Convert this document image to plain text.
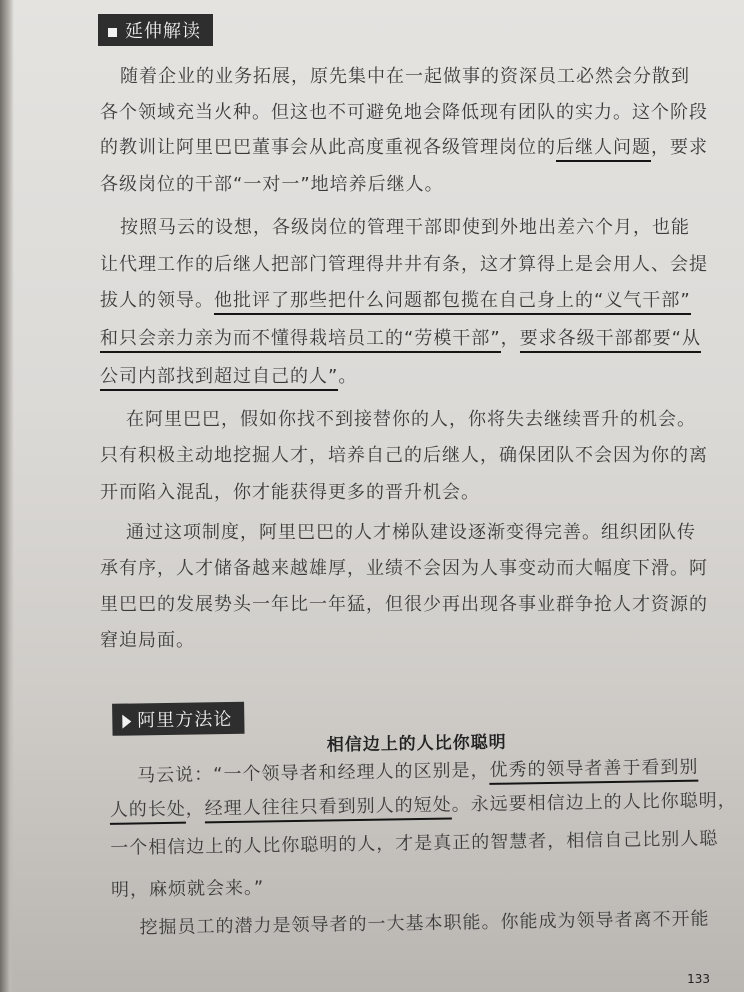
延伸解读
随着企业的业务拓展，原先集中在一起做事的资深员工必然会分散到
各个领域充当火种。但这也不可避免地会降低现有团队的实力。这个阶段
的教训让阿里巴巴董事会从此高度重视各级管理岗位的后继人问题，要求
各级岗位的干部“一对一”地培养后继人。
按照马云的设想，各级岗位的管理干部即使到外地出差六个月，也能
让代理工作的后继人把部门管理得井井有条，这才算得上是会用人、会提
拔人的领导。他批评了那些把什么问题都包揽在自己身上的“义气干部”
和只会亲力亲为而不懂得栽培员工的“劳模干部”，要求各级干部都要“从
公司内部找到超过自己的人”。
在阿里巴巴，假如你找不到接替你的人，你将失去继续晋升的机会。
只有积极主动地挖掘人才，培养自己的后继人，确保团队不会因为你的离
开而陷入混乱，你才能获得更多的晋升机会。
通过这项制度，阿里巴巴的人才梯队建设逐渐变得完善。组织团队传
承有序，人才储备越来越雄厚，业绩不会因为人事变动而大幅度下滑。阿
里巴巴的发展势头一年比一年猛，但很少再出现各事业群争抢人才资源的
窘迫局面。
阿里方法论
相信边上的人比你聪明
马云说：“一个领导者和经理人的区别是，优秀的领导者善于看到别
人的长处，经理人往往只看到别人的短处。永远要相信边上的人比你聪明，
一个相信边上的人比你聪明的人，才是真正的智慧者，相信自己比别人聪
明，麻烦就会来。”
挖掘员工的潜力是领导者的一大基本职能。你能成为领导者离不开能
133
